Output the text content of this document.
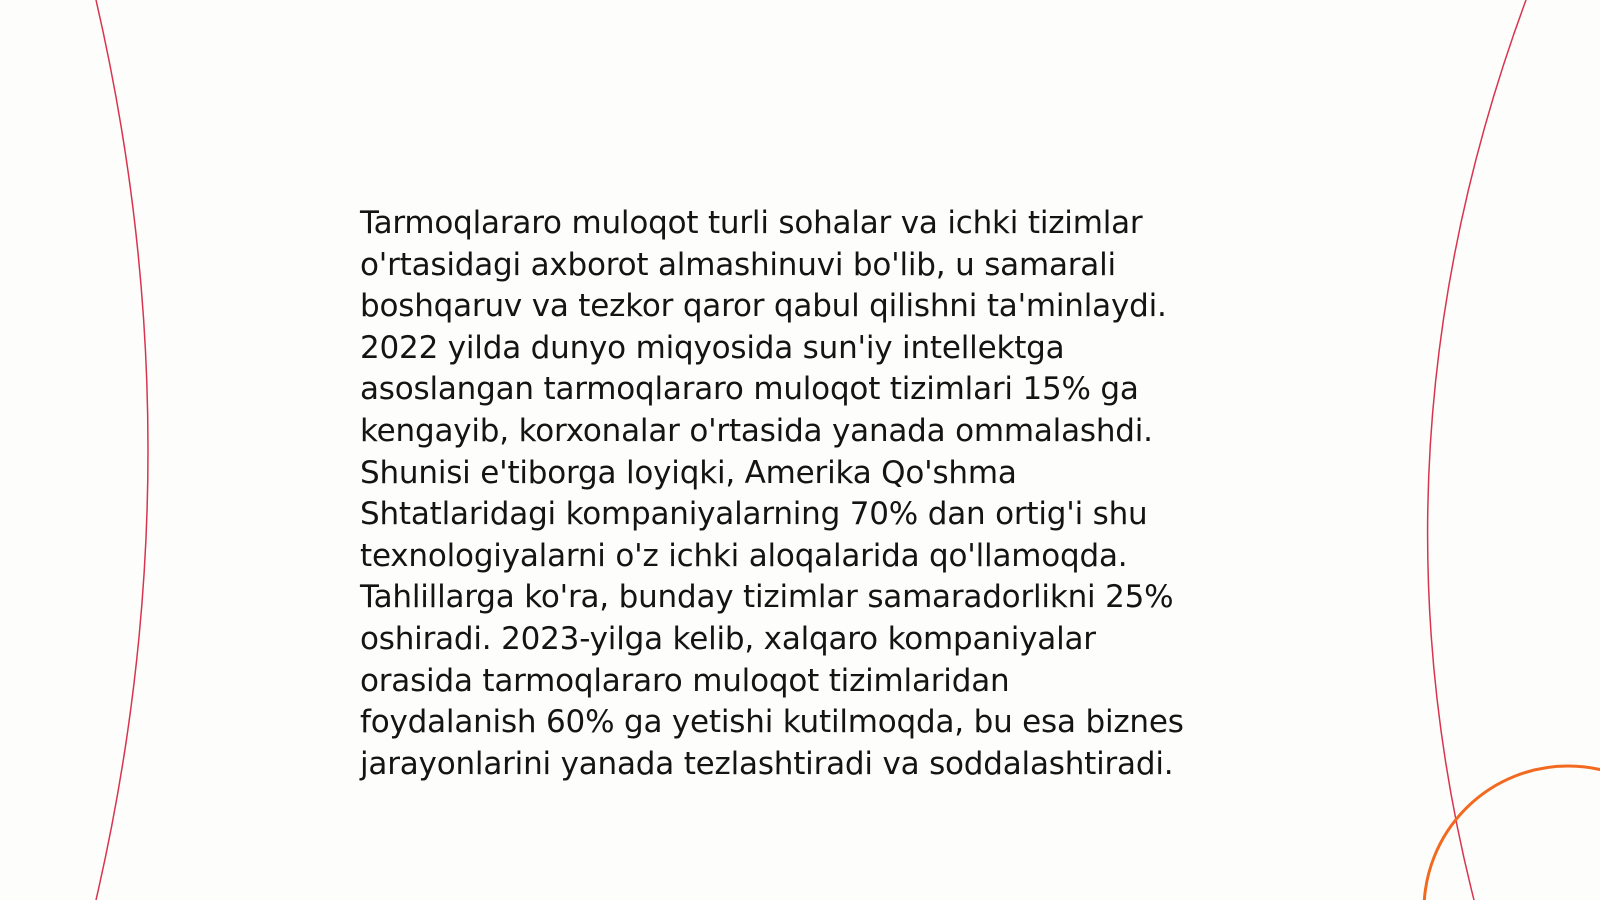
Tarmoqlararo muloqot turli sohalar va ichki tizimlar
o'rtasidagi axborot almashinuvi bo'lib, u samarali
boshqaruv va tezkor qaror qabul qilishni ta'minlaydi.
2022 yilda dunyo miqyosida sun'iy intellektga
asoslangan tarmoqlararo muloqot tizimlari 15% ga
kengayib, korxonalar o'rtasida yanada ommalashdi.
Shunisi e'tiborga loyiqki, Amerika Qo'shma
Shtatlaridagi kompaniyalarning 70% dan ortig'i shu
texnologiyalarni o'z ichki aloqalarida qo'llamoqda.
Tahlillarga ko'ra, bunday tizimlar samaradorlikni 25%
oshiradi. 2023-yilga kelib, xalqaro kompaniyalar
orasida tarmoqlararo muloqot tizimlaridan
foydalanish 60% ga yetishi kutilmoqda, bu esa biznes
jarayonlarini yanada tezlashtiradi va soddalashtiradi.
